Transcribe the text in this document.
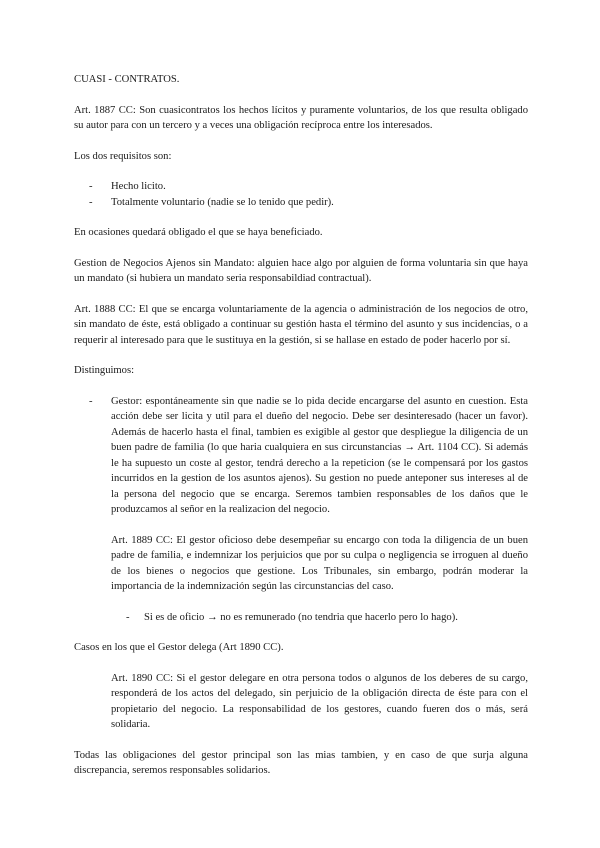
CUASI - CONTRATOS.

Art. 1887 CC: Son cuasicontratos los hechos lícitos y puramente voluntarios, de los que resulta obligado su autor para con un tercero y a veces una obligación recíproca entre los interesados.

Los dos requisitos son:

- Hecho licito.
- Totalmente voluntario (nadie se lo tenido que pedir).

En ocasiones quedará obligado el que se haya beneficiado.

Gestion de Negocios Ajenos sin Mandato: alguien hace algo por alguien de forma voluntaria sin que haya un mandato (si hubiera un mandato seria responsabildiad contractual).

Art. 1888 CC: El que se encarga voluntariamente de la agencia o administración de los negocios de otro, sin mandato de éste, está obligado a continuar su gestión hasta el término del asunto y sus incidencias, o a requerir al interesado para que le sustituya en la gestión, si se hallase en estado de poder hacerlo por sí.

Distinguimos:

- Gestor: espontáneamente sin que nadie se lo pida decide encargarse del asunto en cuestion. Esta acción debe ser licita y util para el dueño del negocio. Debe ser desinteresado (hacer un favor). Además de hacerlo hasta el final, tambien es exigible al gestor que despliegue la diligencia de un buen padre de familia (lo que haria cualquiera en sus circunstancias → Art. 1104 CC). Si además le ha supuesto un coste al gestor, tendrá derecho a la repeticion (se le compensará por los gastos incurridos en la gestion de los asuntos ajenos). Su gestion no puede anteponer sus intereses al de la persona del negocio que se encarga. Seremos tambien responsables de los daños que le produzcamos al señor en la realizacion del negocio.

Art. 1889 CC: El gestor oficioso debe desempeñar su encargo con toda la diligencia de un buen padre de familia, e indemnizar los perjuicios que por su culpa o negligencia se irroguen al dueño de los bienes o negocios que gestione. Los Tribunales, sin embargo, podrán moderar la importancia de la indemnización según las circunstancias del caso.

- Si es de oficio → no es remunerado (no tendria que hacerlo pero lo hago).

Casos en los que el Gestor delega (Art 1890 CC).

Art. 1890 CC: Si el gestor delegare en otra persona todos o algunos de los deberes de su cargo, responderá de los actos del delegado, sin perjuicio de la obligación directa de éste para con el propietario del negocio. La responsabilidad de los gestores, cuando fueren dos o más, será solidaria.

Todas las obligaciones del gestor principal son las mias tambien, y en caso de que surja alguna discrepancia, seremos responsables solidarios.
